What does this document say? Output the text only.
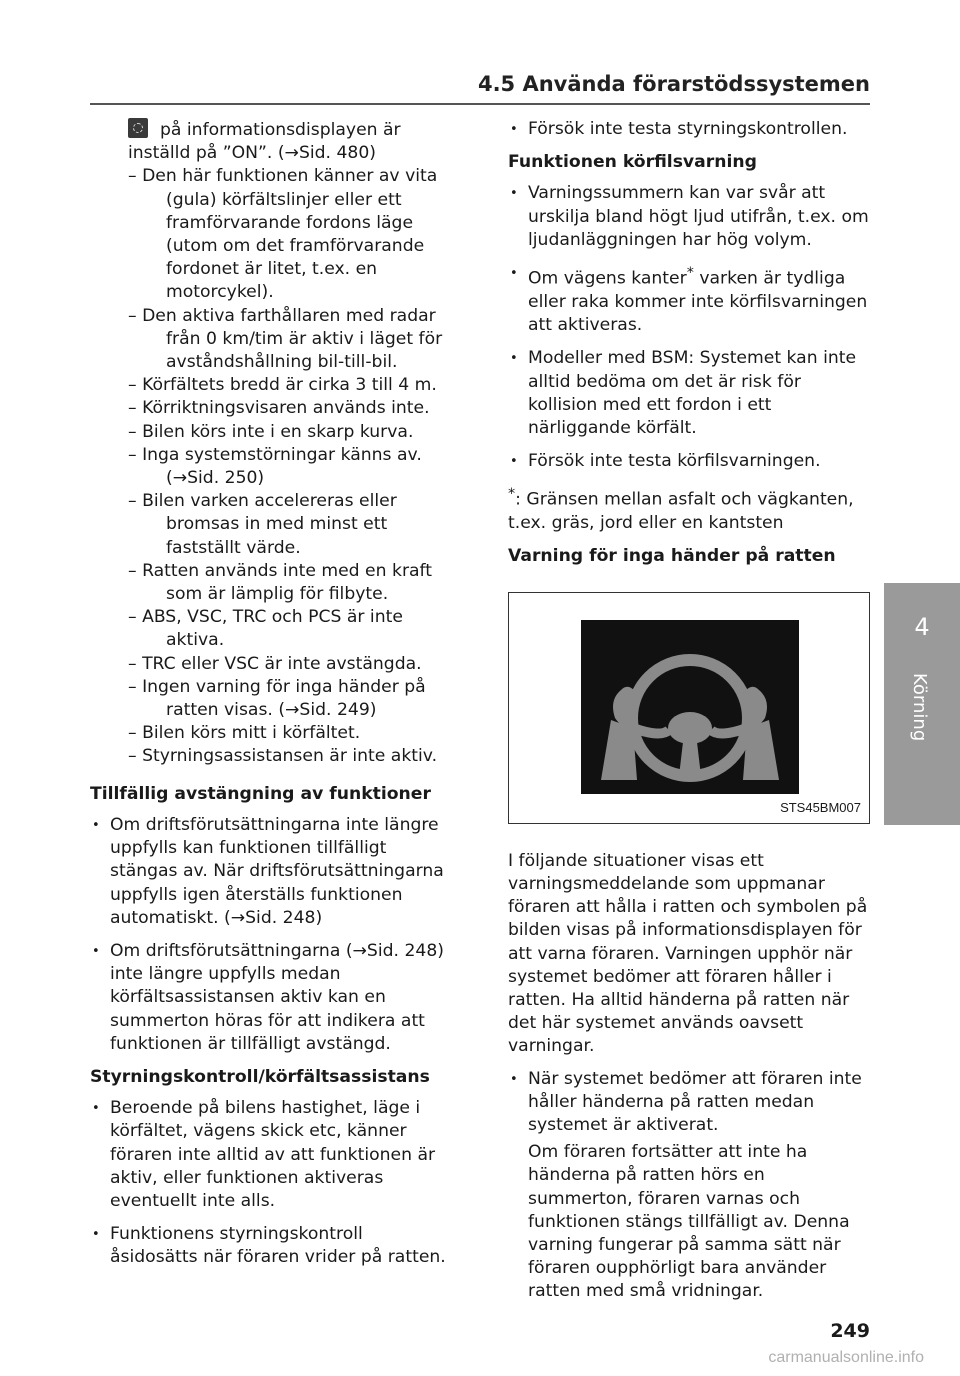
4.5 Använda förarstödssystemen
4
Körning
på informationsdisplayen är
inställd på ”ON”. (→Sid. 480)
– Den här funktionen känner av vita (gula) körfältslinjer eller ett framförvarande fordons läge (utom om det framförvarande fordonet är litet, t.ex. en motorcykel).
– Den aktiva farthållaren med radar från 0 km/tim är aktiv i läget för avståndshållning bil-till-bil.
– Körfältets bredd är cirka 3 till 4 m.
– Körriktningsvisaren används inte.
– Bilen körs inte i en skarp kurva.
– Inga systemstörningar känns av. (→Sid. 250)
– Bilen varken accelereras eller bromsas in med minst ett fastställt värde.
– Ratten används inte med en kraft som är lämplig för filbyte.
– ABS, VSC, TRC och PCS är inte aktiva.
– TRC eller VSC är inte avstängda.
– Ingen varning för inga händer på ratten visas. (→Sid. 249)
– Bilen körs mitt i körfältet.
– Styrningsassistansen är inte aktiv.
Tillfällig avstängning av funktioner
• Om driftsförutsättningarna inte längre uppfylls kan funktionen tillfälligt stängas av. När driftsförutsättningarna uppfylls igen återställs funktionen automatiskt. (→Sid. 248)
• Om driftsförutsättningarna (→Sid. 248) inte längre uppfylls medan körfältsassistansen aktiv kan en summerton höras för att indikera att funktionen är tillfälligt avstängd.
Styrningskontroll/körfältsassistans
• Beroende på bilens hastighet, läge i körfältet, vägens skick etc, känner föraren inte alltid av att funktionen är aktiv, eller funktionen aktiveras eventuellt inte alls.
• Funktionens styrningskontroll åsidosätts när föraren vrider på ratten.
• Försök inte testa styrningskontrollen.
Funktionen körfilsvarning
• Varningssummern kan var svår att urskilja bland högt ljud utifrån, t.ex. om ljudanläggningen har hög volym.
• Om vägens kanter* varken är tydliga eller raka kommer inte körfilsvarningen att aktiveras.
• Modeller med BSM: Systemet kan inte alltid bedöma om det är risk för kollision med ett fordon i ett närliggande körfält.
• Försök inte testa körfilsvarningen.
*: Gränsen mellan asfalt och vägkanten, t.ex. gräs, jord eller en kantsten
Varning för inga händer på ratten
STS45BM007
I följande situationer visas ett varningsmeddelande som uppmanar föraren att hålla i ratten och symbolen på bilden visas på informationsdisplayen för att varna föraren. Varningen upphör när systemet bedömer att föraren håller i ratten. Ha alltid händerna på ratten när det här systemet används oavsett varningar.
• När systemet bedömer att föraren inte håller händerna på ratten medan systemet är aktiverat.
Om föraren fortsätter att inte ha händerna på ratten hörs en summerton, föraren varnas och funktionen stängs tillfälligt av. Denna varning fungerar på samma sätt när föraren oupphörligt bara använder ratten med små vridningar.
249
carmanualsonline.info
